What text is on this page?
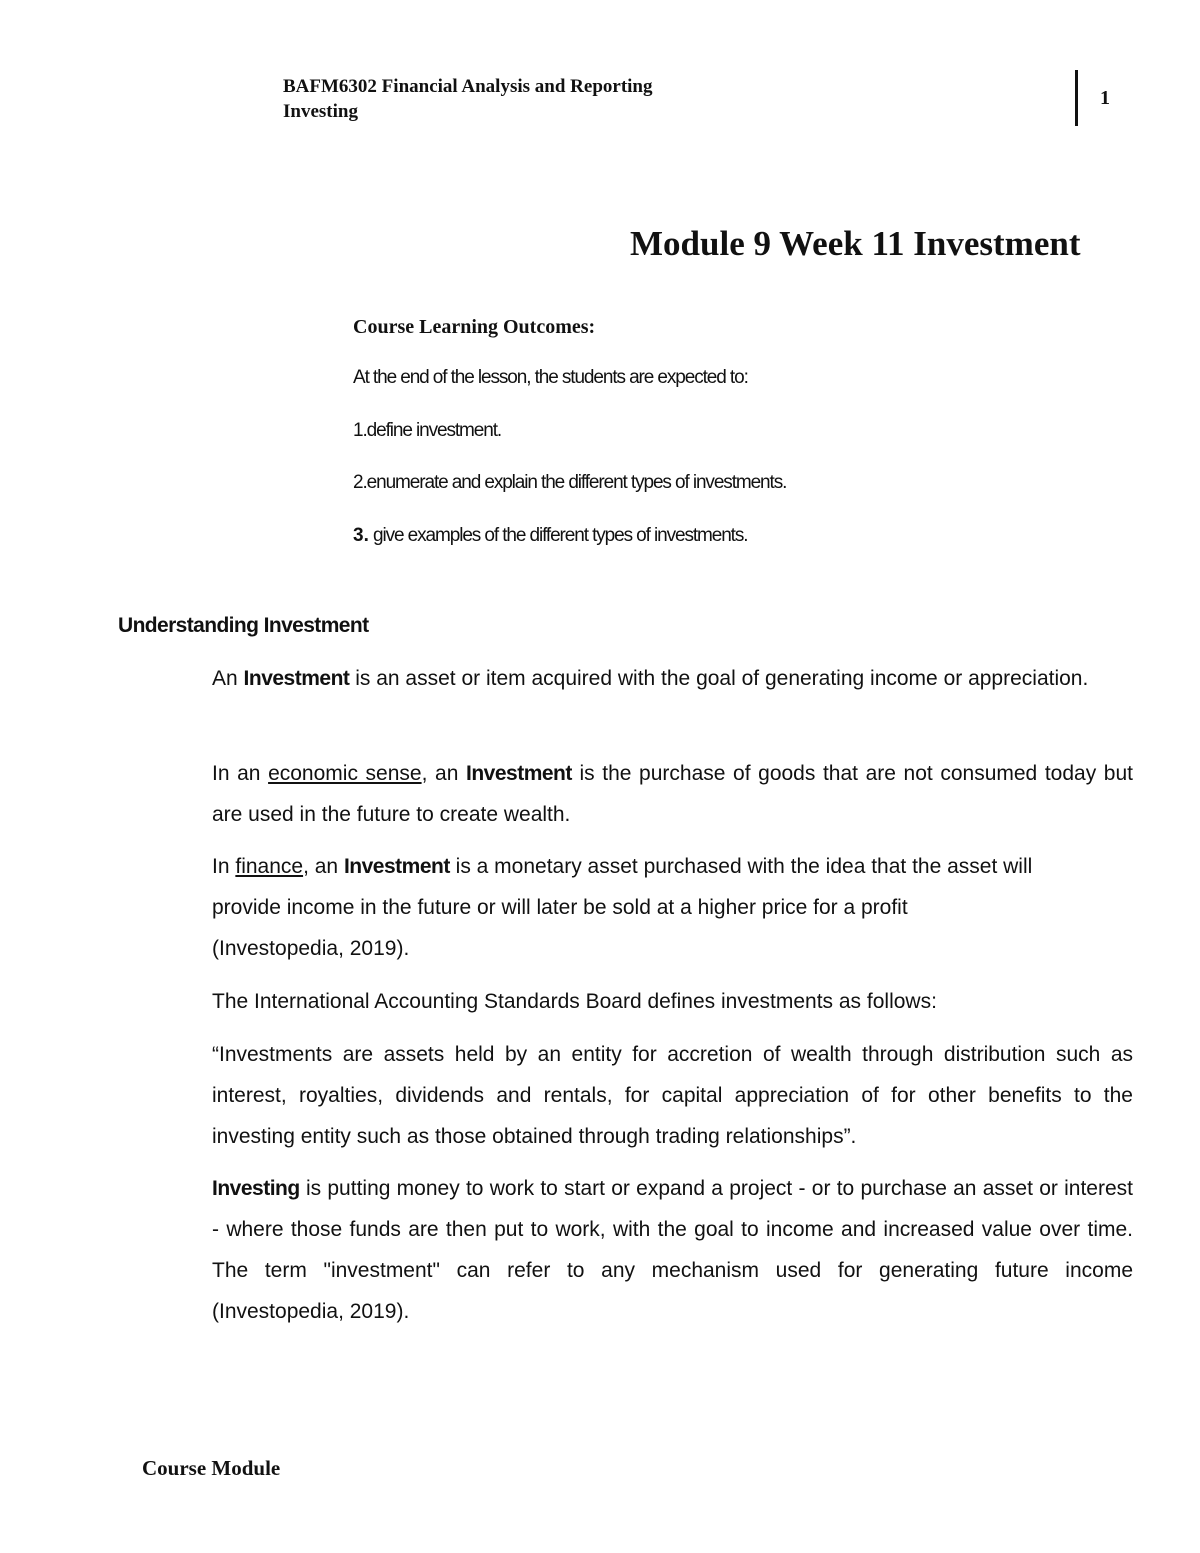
BAFM6302 Financial Analysis and Reporting
Investing
1
Module 9 Week 11 Investment
Course Learning Outcomes:
At the end of the lesson, the students are expected to:
1.define investment.
2.enumerate and explain the different types of investments.
3. give examples of the different types of investments.
Understanding Investment
An Investment is an asset or item acquired with the goal of generating income or appreciation.
In an economic sense, an Investment is the purchase of goods that are not consumed today but are used in the future to create wealth.
In finance, an Investment is a monetary asset purchased with the idea that the asset will
provide income in the future or will later be sold at a higher price for a profit
(Investopedia, 2019).
The International Accounting Standards Board defines investments as follows:
“Investments are assets held by an entity for accretion of wealth through distribution such as interest, royalties, dividends and rentals, for capital appreciation of for other benefits to the investing entity such as those obtained through trading relationships”.
Investing is putting money to work to start or expand a project - or to purchase an asset or interest - where those funds are then put to work, with the goal to income and increased value over time. The term "investment" can refer to any mechanism used for generating future income (Investopedia, 2019).
Course Module
